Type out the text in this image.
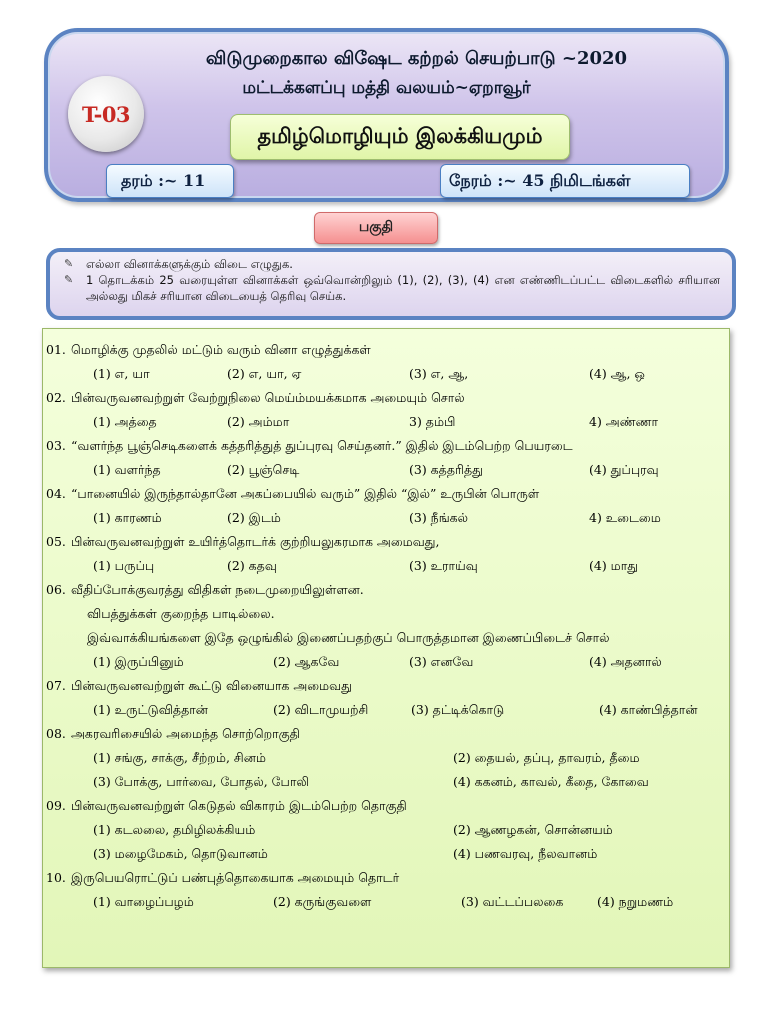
விடுமுறைகால விஷேட கற்றல் செயற்பாடு ~2020
மட்டக்களப்பு மத்தி வலயம்~ஏறாவூர்
T-03
தமிழ்மொழியும் இலக்கியமும்
தரம் :~ 11	நேரம் :~ 45 நிமிடங்கள்
பகுதி
✎	எல்லா வினாக்களுக்கும் விடை எழுதுக.
✎	1 தொடக்கம் 25 வரையுள்ள வினாக்கள் ஒவ்வொன்றிலும் (1), (2), (3), (4) என எண்ணிடப்பட்ட விடைகளில் சரியான அல்லது மிகச் சரியான விடையைத் தெரிவு செய்க.
01. மொழிக்கு முதலில் மட்டும் வரும் வினா எழுத்துக்கள்
(1) எ, யா	(2) எ, யா, ஏ	(3) எ, ஆ,	(4) ஆ, ஒ
02. பின்வருவனவற்றுள் வேற்றுநிலை மெய்ம்மயக்கமாக அமையும் சொல்
(1) அத்தை	(2) அம்மா	3) தம்பி	4) அண்ணா
03. “வளர்ந்த பூஞ்செடிகளைக் கத்தரித்துத் துப்புரவு செய்தனர்.” இதில் இடம்பெற்ற பெயரடை
(1) வளர்ந்த	(2) பூஞ்செடி	(3) கத்தரித்து	(4) துப்புரவு
04. “பானையில் இருந்தால்தானே அகப்பையில் வரும்” இதில் “இல்” உருபின் பொருள்
(1) காரணம்	(2) இடம்	(3) நீங்கல்	4) உடைமை
05. பின்வருவனவற்றுள் உயிர்த்தொடர்க் குற்றியலுகரமாக அமைவது,
(1) பருப்பு	(2) கதவு	(3) உராய்வு	(4) மாது
06. வீதிப்போக்குவரத்து விதிகள் நடைமுறையிலுள்ளன.
விபத்துக்கள் குறைந்த பாடில்லை.
இவ்வாக்கியங்களை இதே ஒழுங்கில் இணைப்பதற்குப் பொருத்தமான இணைப்பிடைச் சொல்
(1) இருப்பினும்	(2) ஆகவே	(3) எனவே	(4) அதனால்
07. பின்வருவனவற்றுள் கூட்டு வினையாக அமைவது
(1) உருட்டுவித்தான்	(2) விடாமுயற்சி	(3) தட்டிக்கொடு	(4) காண்பித்தான்
08. அகரவரிசையில் அமைந்த சொற்றொகுதி
(1) சங்கு, சாக்கு, சீற்றம், சினம்	(2) தையல், தப்பு, தாவரம், தீமை
(3) போக்கு, பார்வை, போதல், போலி	(4) ககனம், காவல், கீதை, கோவை
09. பின்வருவனவற்றுள் கெடுதல் விகாரம் இடம்பெற்ற தொகுதி
(1) கடலலை, தமிழிலக்கியம்	(2) ஆணழகன், சொன்னயம்
(3) மழைமேகம், தொடுவானம்	(4) பணவரவு, நீலவானம்
10. இருபெயரொட்டுப் பண்புத்தொகையாக அமையும் தொடர்
(1) வாழைப்பழம்	(2) கருங்குவளை	(3) வட்டப்பலகை	(4) நறுமணம்
